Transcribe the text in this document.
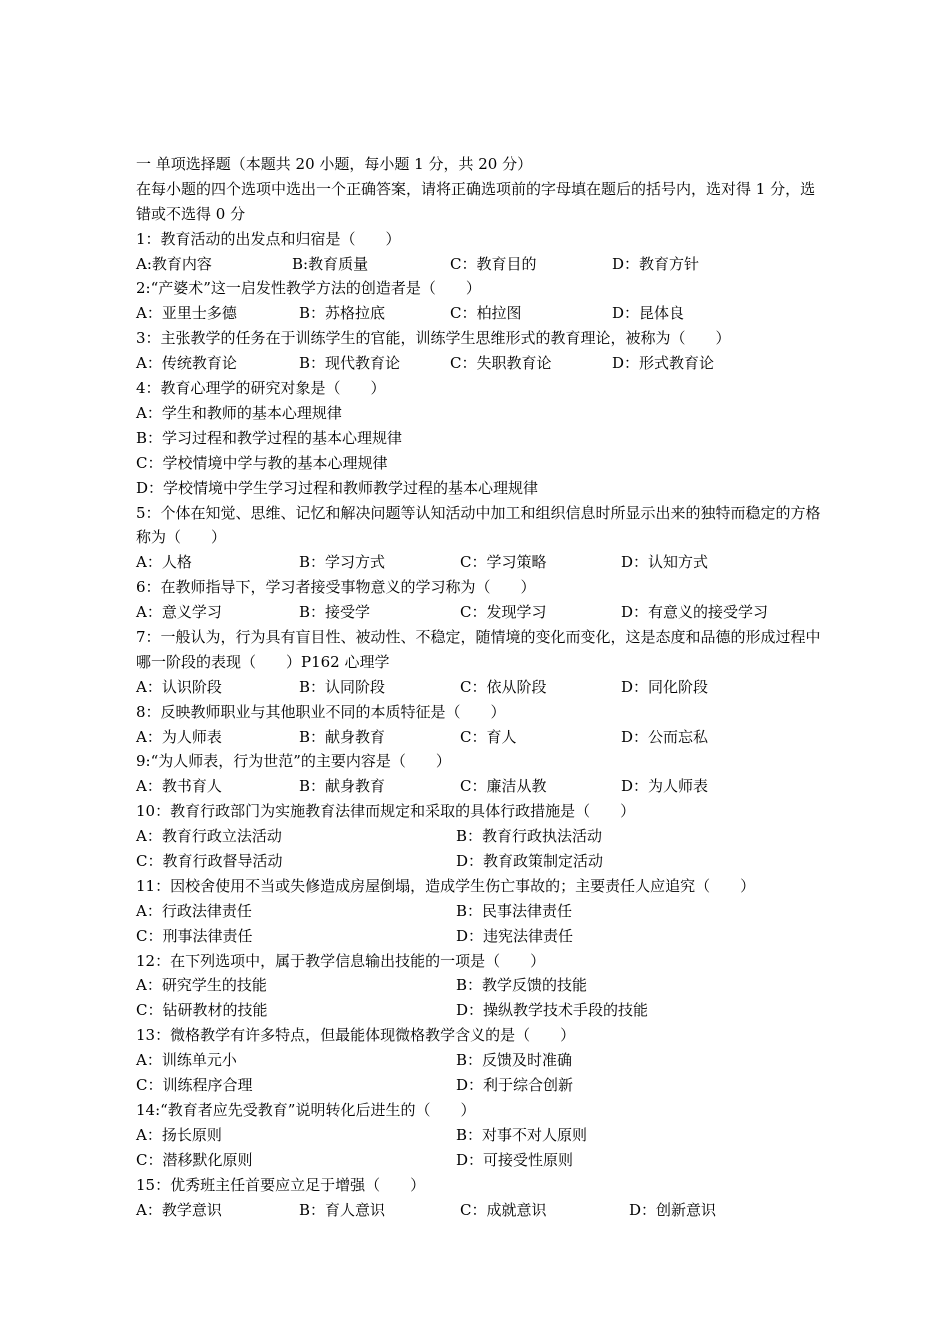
一 单项选择题（本题共 20 小题，每小题 1 分，共 20 分）
在每小题的四个选项中选出一个正确答案，请将正确选项前的字母填在题后的括号内，选对得 1 分，选错或不选得 0 分
1：教育活动的出发点和归宿是（　　）
A:教育内容	B:教育质量	C：教育目的	D：教育方针
2:“产婆术”这一启发性教学方法的创造者是（　　）
A：亚里士多德	B：苏格拉底	C：柏拉图	D：昆体良
3：主张教学的任务在于训练学生的官能，训练学生思维形式的教育理论，被称为（　　）
A：传统教育论	B：现代教育论	C：失职教育论	D：形式教育论
4：教育心理学的研究对象是（　　）
A：学生和教师的基本心理规律
B：学习过程和教学过程的基本心理规律
C：学校情境中学与教的基本心理规律
D：学校情境中学生学习过程和教师教学过程的基本心理规律
5：个体在知觉、思维、记忆和解决问题等认知活动中加工和组织信息时所显示出来的独特而稳定的方格称为（　　）
A：人格	B：学习方式	C：学习策略	D：认知方式
6：在教师指导下，学习者接受事物意义的学习称为（　　）
A：意义学习	B：接受学	C：发现学习	D：有意义的接受学习
7：一般认为，行为具有盲目性、被动性、不稳定，随情境的变化而变化，这是态度和品德的形成过程中哪一阶段的表现（　　）P162 心理学
A：认识阶段	B：认同阶段	C：依从阶段	D：同化阶段
8：反映教师职业与其他职业不同的本质特征是（　　）
A：为人师表	B：献身教育	C：育人	D：公而忘私
9:“为人师表，行为世范”的主要内容是（　　）
A：教书育人	B：献身教育	C：廉洁从教	D：为人师表
10：教育行政部门为实施教育法律而规定和采取的具体行政措施是（　　）
A：教育行政立法活动	B：教育行政执法活动
C：教育行政督导活动	D：教育政策制定活动
11：因校舍使用不当或失修造成房屋倒塌，造成学生伤亡事故的；主要责任人应追究（　　）
A：行政法律责任	B：民事法律责任
C：刑事法律责任	D：违宪法律责任
12：在下列选项中，属于教学信息输出技能的一项是（　　）
A：研究学生的技能	B：教学反馈的技能
C：钻研教材的技能	D：操纵教学技术手段的技能
13：微格教学有许多特点，但最能体现微格教学含义的是（　　）
A：训练单元小	B：反馈及时准确
C：训练程序合理	D：利于综合创新
14:“教育者应先受教育”说明转化后进生的（　　）
A：扬长原则	B：对事不对人原则
C：潜移默化原则	D：可接受性原则
15：优秀班主任首要应立足于增强（　　）
A：教学意识	B：育人意识	C：成就意识	D：创新意识
